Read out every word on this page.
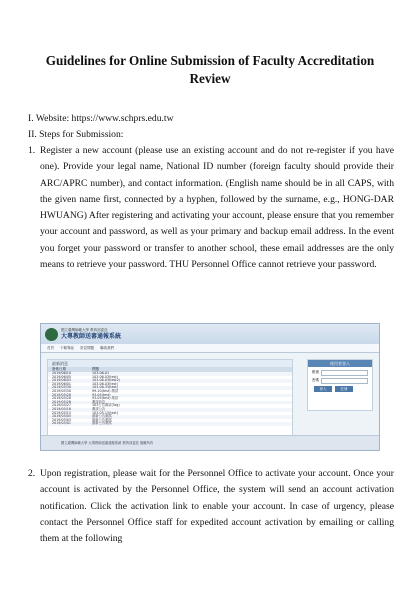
Guidelines for Online Submission of Faculty Accreditation Review
I. Website: https://www.schprs.edu.tw
II. Steps for Submission:
1. Register a new account (please use an existing account and do not re-register if you have one). Provide your legal name, National ID number (foreign faculty should provide their ARC/APRC number), and contact information. (English name should be in all CAPS, with the given name first, connected by a hyphen, followed by the surname, e.g., HONG-DAR HWUANG) After registering and activating your account, please ensure that you remember your account and password, as well as your primary and backup email address. In the event you forget your password or transfer to another school, these email addresses are the only means to retrieve your password. THU Personnel Office cannot retrieve your password.
國立臺灣師範大學 教育部委託
大專教師送審通報系統
首頁 下載專區 常見問題 聯絡我們
最新消息
發佈日期	標題
2019/06/10	103-06-01
2019/06/05	103-06-03(test)
2019/06/03	103-06-03(test2)
2019/06/01	103-06-03(test)
2019/05/30	103-06-35(test)
2019/05/30	99-10(test) 測試
2019/05/28	93-05(test)
2019/05/28	93-05(test) 測試
2019/05/28	測試訊息
2019/05/27	103公告測試(Tag)
2019/05/16	測試公告
2019/05/15	103-05-15(test)
2019/05/05	最新公告測試
2019/05/03	最新公告測試
2019/05/01	最新公告測試
使用者登入
帳號
密碼
登入	註冊
國立臺灣師範大學 大專教師送審通報系統 教育部委託 版權所有
2. Upon registration, please wait for the Personnel Office to activate your account. Once your account is activated by the Personnel Office, the system will send an account activation notification. Click the activation link to enable your account. In case of urgency, please contact the Personnel Office staff for expedited account activation by emailing or calling them at the following
